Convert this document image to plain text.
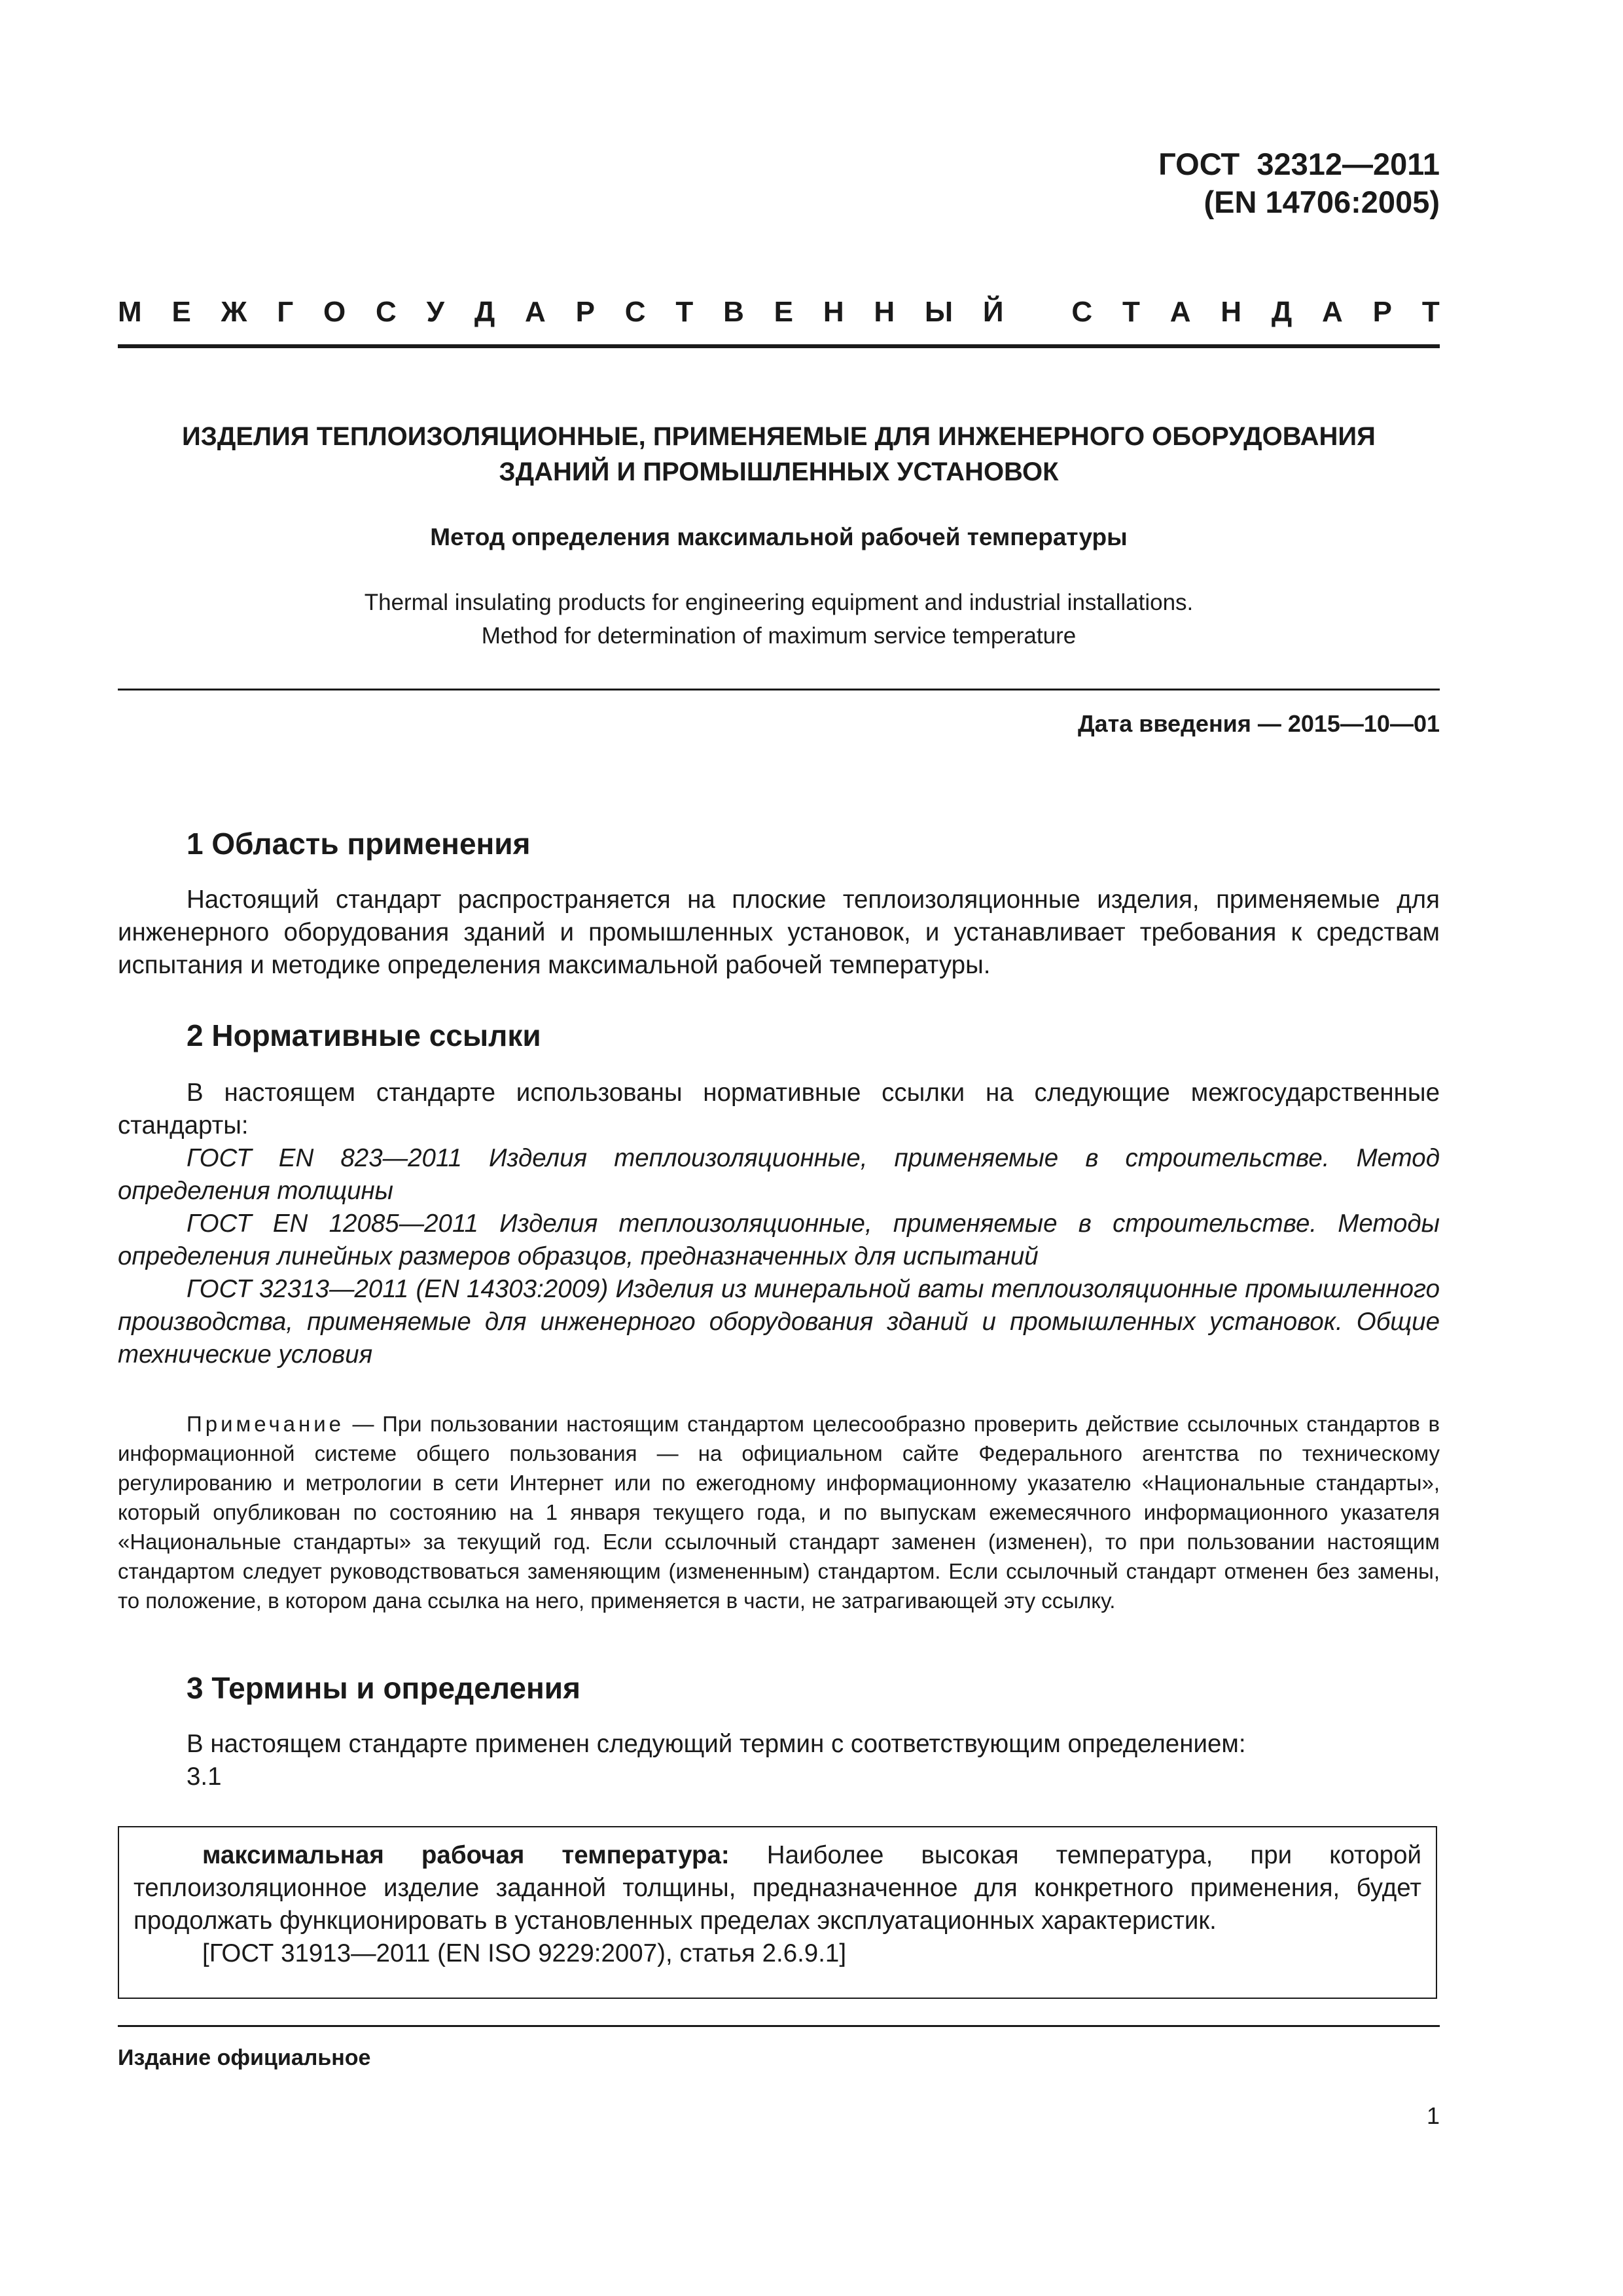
ГОСТ  32312—2011
(EN 14706:2005)
М Е Ж Г О С У Д А Р С Т В Е Н Н Ы Й
С Т А Н Д А Р Т
ИЗДЕЛИЯ ТЕПЛОИЗОЛЯЦИОННЫЕ, ПРИМЕНЯЕМЫЕ ДЛЯ ИНЖЕНЕРНОГО ОБОРУДОВАНИЯ
ЗДАНИЙ И ПРОМЫШЛЕННЫХ УСТАНОВОК
Метод определения максимальной рабочей температуры
Thermal insulating products for engineering equipment and industrial installations.
Method for determination of maximum service temperature
Дата введения — 2015—10—01
1 Область применения

Настоящий стандарт распространяется на плоские теплоизоляционные изделия, применяемые для инженерного оборудования зданий и промышленных установок, и устанавливает требования к средствам испытания и методике определения максимальной рабочей температуры.

2 Нормативные ссылки

В настоящем стандарте использованы нормативные ссылки на следующие межгосударственные стандарты:

ГОСТ EN 823—2011 Изделия теплоизоляционные, применяемые в строительстве. Метод определения толщины

ГОСТ EN 12085—2011 Изделия теплоизоляционные, применяемые в строительстве. Методы определения линейных размеров образцов, предназначенных для испытаний

ГОСТ 32313—2011 (EN 14303:2009) Изделия из минеральной ваты теплоизоляционные промышленного производства, применяемые для инженерного оборудования зданий и промышленных установок. Общие технические условия

Примечание — При пользовании настоящим стандартом целесообразно проверить действие ссылочных стандартов в информационной системе общего пользования — на официальном сайте Федерального агентства по техническому регулированию и метрологии в сети Интернет или по ежегодному информационному указателю «Национальные стандарты», который опубликован по состоянию на 1 января текущего года, и по выпускам ежемесячного информационного указателя «Национальные стандарты» за текущий год. Если ссылочный стандарт заменен (изменен), то при пользовании настоящим стандартом следует руководствоваться заменяющим (измененным) стандартом. Если ссылочный стандарт отменен без замены, то положение, в котором дана ссылка на него, применяется в части, не затрагивающей эту ссылку.

3 Термины и определения

В настоящем стандарте применен следующий термин с соответствующим определением:

3.1

максимальная рабочая температура: Наиболее высокая температура, при которой теплоизоляционное изделие заданной толщины, предназначенное для конкретного применения, будет продолжать функционировать в установленных пределах эксплуатационных характеристик.

[ГОСТ 31913—2011 (EN ISO 9229:2007), статья 2.6.9.1]

Издание официальное
1
